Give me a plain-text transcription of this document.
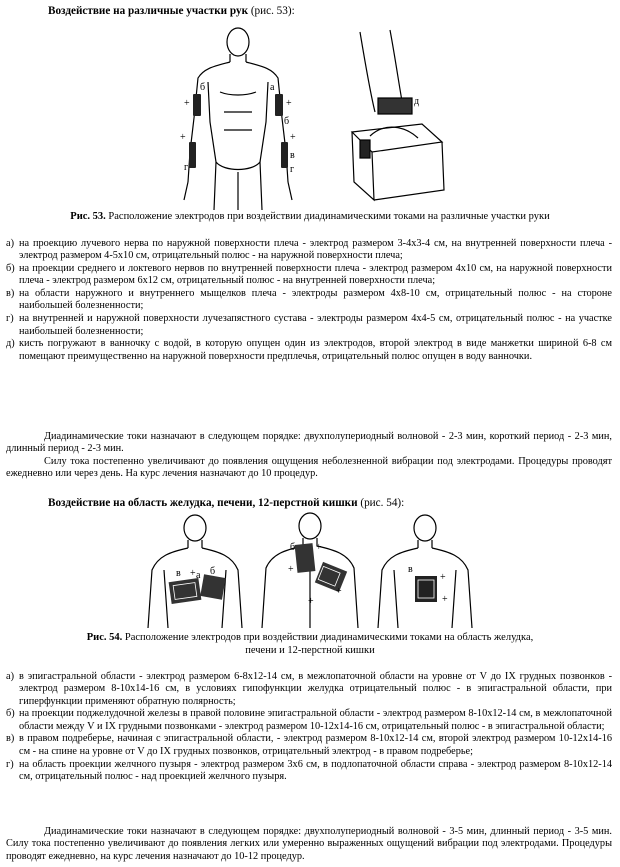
Воздействие на различные участки рук (рис. 53):
б
+	+
+
г
а
б
+
в
г
д
Рис. 53. Расположение электродов при воздействии диадинамическими токами на различные участки руки
а) на проекцию лучевого нерва по наружной поверхности плеча - электрод размером 3-4х3-4 см, на внутренней поверхности плеча - электрод размером 4-5х10 см, отрицательный полюс - на наружной поверхности плеча;
б) на проекции среднего и локтевого нервов по внутренней поверхности плеча - электрод размером 4х10 см, на наружной поверхности плеча - электрод размером 6х12 см, отрицательный полюс - на внутренней поверхности плеча;
в) на области наружного и внутреннего мыщелков плеча - электроды размером 4х8-10 см, отрицательный полюс - на стороне наибольшей болезненности;
г) на внутренней и наружной поверхности лучезапястного сустава - электроды размером 4х4-5 см, отрицательный полюс - на участке наибольшей болезненности;
д) кисть погружают в ванночку с водой, в которую опущен один из электродов, второй электрод в виде манжетки шириной 6-8 см помещают преимущественно на наружной поверхности предплечья, отрицательный полюс опущен в воду ванночки.

Диадинамические токи назначают в следующем порядке: двухполупериодный волновой - 2-3 мин, короткий период - 2-3 мин, длинный период - 2-3 мин.

Силу тока постепенно увеличивают до появления ощущения неболезненной вибрации под электродами. Процедуры проводят ежедневно или через день. На курс лечения назначают до 10 процедур.

Воздействие на область желудка, печени, 12-перстной кишки (рис. 54):
в + а б
б +
+
+
+
в
+
+
Рис. 54. Расположение электродов при воздействии диадинамическими токами на область желудка,
печени и 12-перстной кишки
а) в эпигастральной области - электрод размером 6-8х12-14 см, в межлопаточной области на уровне от V до IX грудных позвонков - электрод размером 8-10х14-16 см, в условиях гипофункции желудка отрицательный полюс - в эпигастральной области, при гиперфункции применяют обратную полярность;
б) на проекции поджелудочной железы в правой половине эпигастральной области - электрод размером 8-10х12-14 см, в межлопаточной области между V и IX грудными позвонками - электрод размером 10-12х14-16 см, отрицательный полюс - в эпигастральной области;
в) в правом подреберье, начиная с эпигастральной области, - электрод размером 8-10х12-14 см, второй электрод размером 10-12х14-16 см - на спине на уровне от V до IX грудных позвонков, отрицательный электрод - в правом подреберье;
г) на область проекции желчного пузыря - электрод размером 3х6 см, в подлопаточной области справа - электрод размером 8-10х12-14 см, отрицательный полюс - над проекцией желчного пузыря.

Диадинамические токи назначают в следующем порядке: двухполупериодный волновой - 3-5 мин, длинный период - 3-5 мин. Силу тока постепенно увеличивают до появления легких или умеренно выраженных ощущений вибрации под электродами. Процедуры проводят ежедневно, на курс лечения назначают до 10-12 процедур.
